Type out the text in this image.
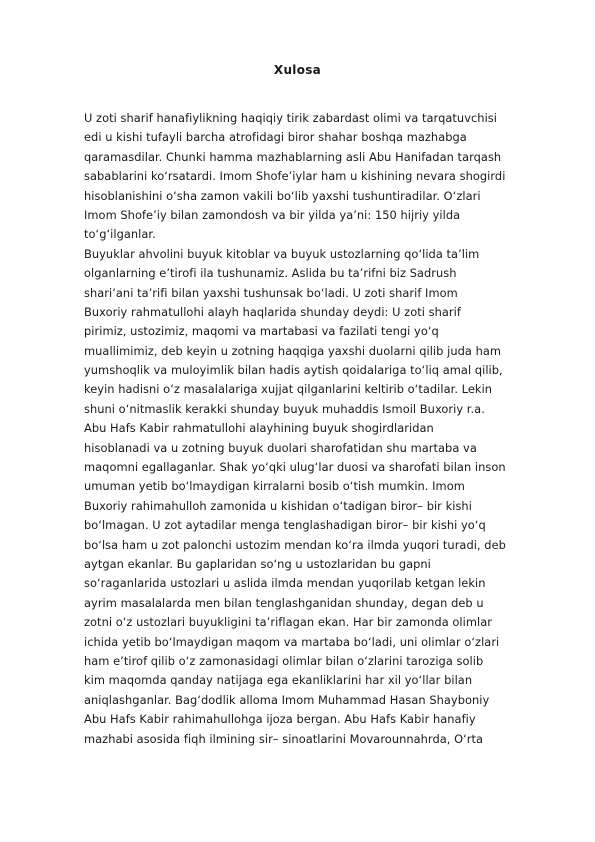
Xulosa
U zoti sharif hanafiylikning haqiqiy tirik zabardast olimi va tarqatuvchisi
edi u kishi tufayli barcha atrofidagi biror shahar boshqa mazhabga
qaramasdilar. Chunki hamma mazhablarning asli Abu Hanifadan tarqash
sabablarini ko‘rsatardi. Imom Shofe’iylar ham u kishining nevara shogirdi
hisoblanishini o‘sha zamon vakili bo‘lib yaxshi tushuntiradilar. O‘zlari
Imom Shofe’iy bilan zamondosh va bir yilda ya’ni: 150 hijriy yilda
to‘g‘ilganlar.
Buyuklar ahvolini buyuk kitoblar va buyuk ustozlarning qo‘lida ta’lim
olganlarning e’tirofi ila tushunamiz. Aslida bu ta’rifni biz Sadrush
shari’ani ta’rifi bilan yaxshi tushunsak bo‘ladi. U zoti sharif Imom
Buxoriy rahmatullohi alayh haqlarida shunday deydi: U zoti sharif
pirimiz, ustozimiz, maqomi va martabasi va fazilati tengi yo‘q
muallimimiz, deb keyin u zotning haqqiga yaxshi duolarni qilib juda ham
yumshoqlik va muloyimlik bilan hadis aytish qoidalariga to‘liq amal qilib,
keyin hadisni o‘z masalalariga xujjat qilganlarini keltirib o‘tadilar. Lekin
shuni o‘nitmaslik kerakki shunday buyuk muhaddis Ismoil Buxoriy r.a.
Abu Hafs Kabir rahmatullohi alayhining buyuk shogirdlaridan
hisoblanadi va u zotning buyuk duolari sharofatidan shu martaba va
maqomni egallaganlar. Shak yo‘qki ulug‘lar duosi va sharofati bilan inson
umuman yetib bo‘lmaydigan kirralarni bosib o‘tish mumkin. Imom
Buxoriy rahimahulloh zamonida u kishidan o‘tadigan biror– bir kishi
bo‘lmagan. U zot aytadilar menga tenglashadigan biror– bir kishi yo‘q
bo‘lsa ham u zot palonchi ustozim mendan ko‘ra ilmda yuqori turadi, deb
aytgan ekanlar. Bu gaplaridan so‘ng u ustozlaridan bu gapni
so‘raganlarida ustozlari u aslida ilmda mendan yuqorilab ketgan lekin
ayrim masalalarda men bilan tenglashganidan shunday, degan deb u
zotni o‘z ustozlari buyukligini ta’riflagan ekan. Har bir zamonda olimlar
ichida yetib bo‘lmaydigan maqom va martaba bo‘ladi, uni olimlar o‘zlari
ham e’tirof qilib o‘z zamonasidagi olimlar bilan o‘zlarini taroziga solib
kim maqomda qanday natijaga ega ekanliklarini har xil yo‘llar bilan
aniqlashganlar. Bag‘dodlik alloma Imom Muhammad Hasan Shayboniy
Abu Hafs Kabir rahimahullohga ijoza bergan. Abu Hafs Kabir hanafiy
mazhabi asosida fiqh ilmining sir– sinoatlarini Movarounnahrda, O‘rta
